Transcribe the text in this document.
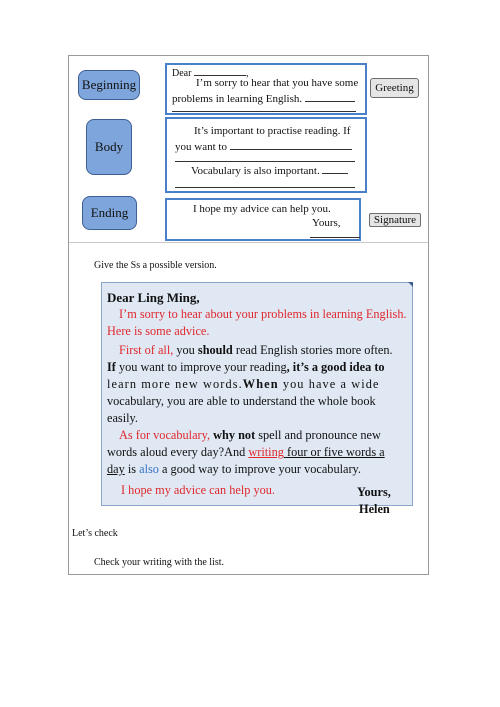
Beginning
Body
Ending
Dear	,
I’m sorry to hear that you have some
problems in learning English.
Greeting
It’s important to practise reading. If
you want to
Vocabulary is also important.
I hope my advice can help you.
Yours,	Signature
Give the Ss a possible version.

Dear Ling Ming,

I’m sorry to hear about your problems in learning English.

Here is some advice.

First of all, you should read English stories more often.

If you want to improve your reading, it’s a good idea to

learn more new words.When you have a wide

vocabulary, you are able to understand the whole book

easily.

As for vocabulary, why not spell and pronounce new

words aloud every day?And writing four or five words a

day is also a good way to improve your vocabulary.

I hope my advice can help you.	Yours,
Helen
Let’s check
Check your writing with the list.
